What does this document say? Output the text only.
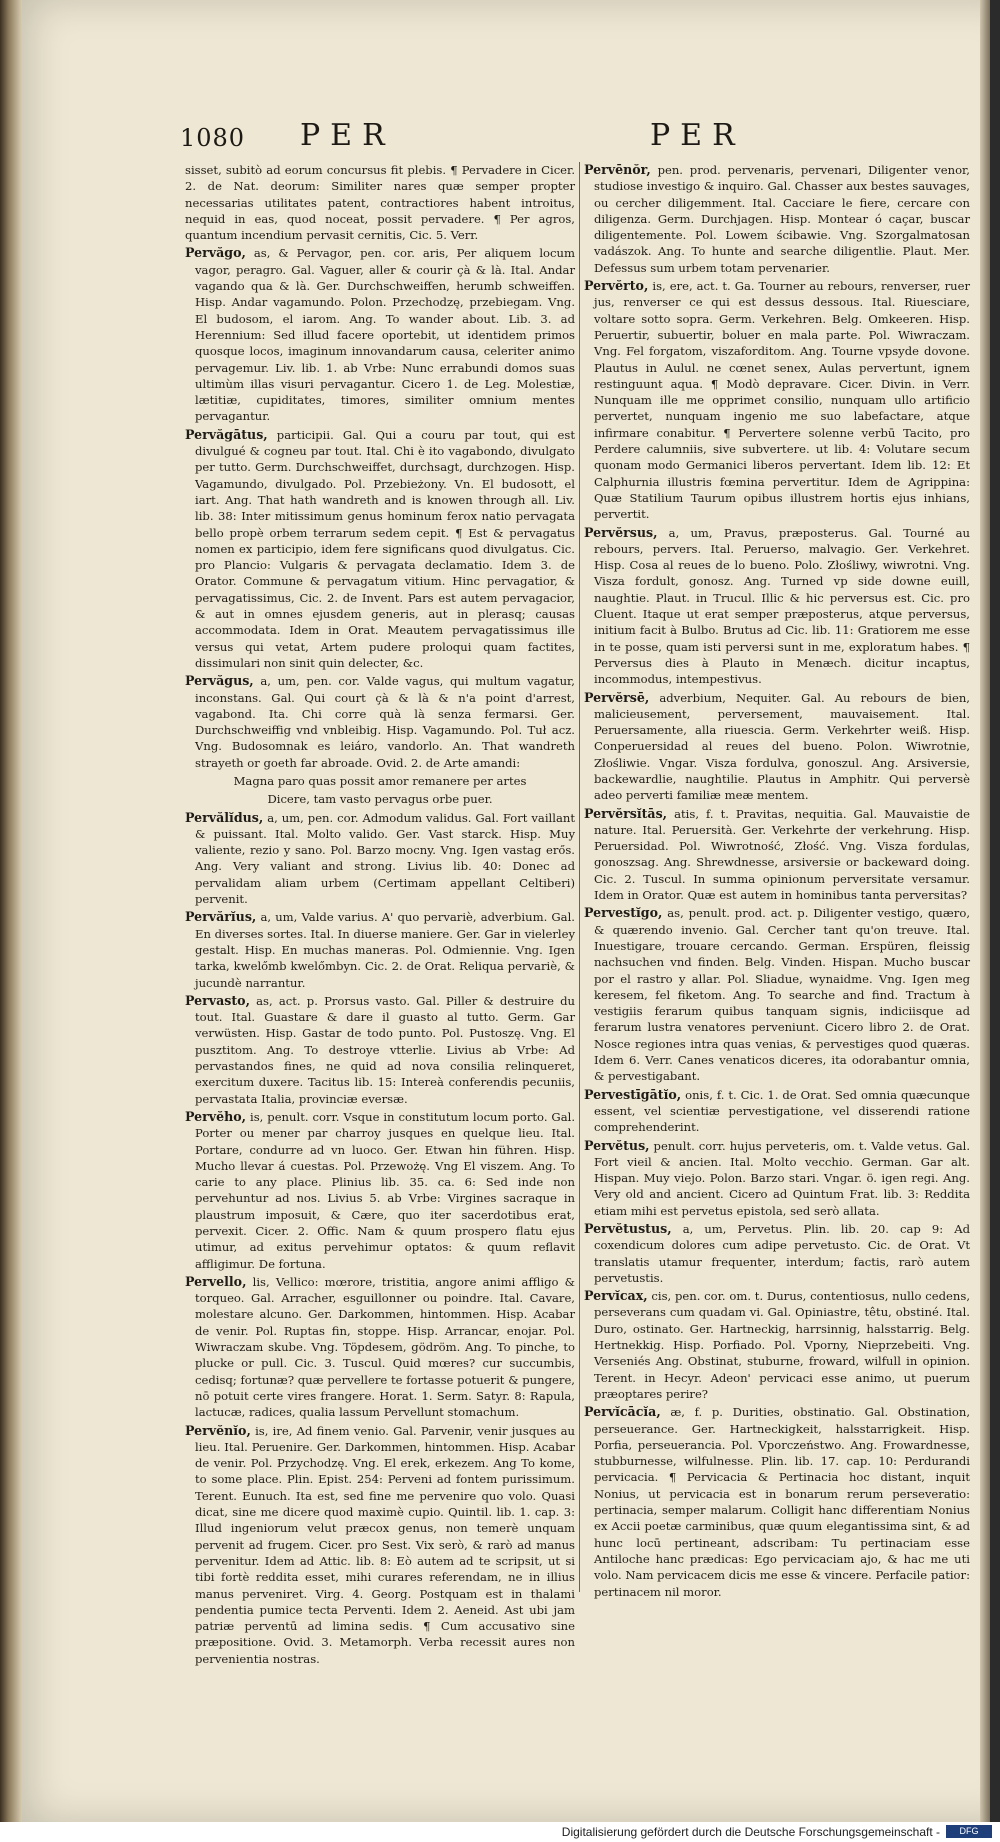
1080 PER	PER

sisset, subitò ad eorum concursus fit plebis. ¶ Pervadere in Cicer. 2. de Nat. deorum: Similiter nares quæ semper propter necessarias utilitates patent, contractiores habent introitus, nequid in eas, quod noceat, possit pervadere. ¶ Per agros, quantum incendium pervasit cernitis, Cic. 5. Verr.

Pervăgo, as, & Pervagor, pen. cor. aris, Per aliquem locum vagor, peragro. Gal. Vaguer, aller & courir çà & là. Ital. Andar vagando qua & là. Ger. Durchschweiffen, herumb schweiffen. Hisp. Andar vagamundo. Polon. Przechodzę, przebiegam. Vng. El budosom, el iarom. Ang. To wander about. Lib. 3. ad Herennium: Sed illud facere oportebit, ut identidem primos quosque locos, imaginum innovandarum causa, celeriter animo pervagemur. Liv. lib. 1. ab Vrbe: Nunc errabundi domos suas ultimùm illas visuri pervagantur. Cicero 1. de Leg. Molestiæ, lætitiæ, cupiditates, timores, similiter omnium mentes pervagantur.

Pervăgātus, participii. Gal. Qui a couru par tout, qui est divulgué & cogneu par tout. Ital. Chi è ito vagabondo, divulgato per tutto. Germ. Durchschweiffet, durchsagt, durchzogen. Hisp. Vagamundo, divulgado. Pol. Przebieżony. Vn. El budosott, el iart. Ang. That hath wandreth and is knowen through all. Liv. lib. 38: Inter mitissimum genus hominum ferox natio pervagata bello propè orbem terrarum sedem cepit. ¶ Est & pervagatus nomen ex participio, idem fere significans quod divulgatus. Cic. pro Plancio: Vulgaris & pervagata declamatio. Idem 3. de Orator. Commune & pervagatum vitium. Hinc pervagatior, & pervagatissimus, Cic. 2. de Invent. Pars est autem pervagacior, & aut in omnes ejusdem generis, aut in plerasq; causas accommodata. Idem in Orat. Meautem pervagatissimus ille versus qui vetat, Artem pudere proloqui quam factites, dissimulari non sinit quin delecter, &c.

Pervăgus, a, um, pen. cor. Valde vagus, qui multum vagatur, inconstans. Gal. Qui court çà & là & n'a point d'arrest, vagabond. Ita. Chi corre quà là senza fermarsi. Ger. Durchschweiffig vnd vnbleibig. Hisp. Vagamundo. Pol. Tuł acz. Vng. Budosomnak es leiáro, vandorlo. An. That wandreth strayeth or goeth far abroade. Ovid. 2. de Arte amandi:

Magna paro quas possit amor remanere per artes

Dicere, tam vasto pervagus orbe puer.

Pervălĭdus, a, um, pen. cor. Admodum validus. Gal. Fort vaillant & puissant. Ital. Molto valido. Ger. Vast starck. Hisp. Muy valiente, rezio y sano. Pol. Barzo mocny. Vng. Igen vastag erős. Ang. Very valiant and strong. Livius lib. 40: Donec ad pervalidam aliam urbem (Certimam appellant Celtiberi) pervenit.

Pervărĭus, a, um, Valde varius. A' quo pervariè, adverbium. Gal. En diverses sortes. Ital. In diuerse maniere. Ger. Gar in vielerley gestalt. Hisp. En muchas maneras. Pol. Odmiennie. Vng. Igen tarka, kwelőmb kwelőmbyn. Cic. 2. de Orat. Reliqua pervariè, & jucundè narrantur.

Pervasto, as, act. p. Prorsus vasto. Gal. Piller & destruire du tout. Ital. Guastare & dare il guasto al tutto. Germ. Gar verwüsten. Hisp. Gastar de todo punto. Pol. Pustoszę. Vng. El pusztitom. Ang. To destroye vtterlie. Livius ab Vrbe: Ad pervastandos fines, ne quid ad nova consilia relinqueret, exercitum duxere. Tacitus lib. 15: Intereà conferendis pecuniis, pervastata Italia, provinciæ eversæ.

Pervĕho, is, penult. corr. Vsque in constitutum locum porto. Gal. Porter ou mener par charroy jusques en quelque lieu. Ital. Portare, condurre ad vn luoco. Ger. Etwan hin führen. Hisp. Mucho llevar á cuestas. Pol. Przewożę. Vng El viszem. Ang. To carie to any place. Plinius lib. 35. ca. 6: Sed inde non pervehuntur ad nos. Livius 5. ab Vrbe: Virgines sacraque in plaustrum imposuit, & Cære, quo iter sacerdotibus erat, pervexit. Cicer. 2. Offic. Nam & quum prospero flatu ejus utimur, ad exitus pervehimur optatos: & quum reflavit affligimur. De fortuna.

Pervello, lis, Vellico: mœrore, tristitia, angore animi affligo & torqueo. Gal. Arracher, esguillonner ou poindre. Ital. Cavare, molestare alcuno. Ger. Darkommen, hintommen. Hisp. Acabar de venir. Pol. Ruptas fin, stoppe. Hisp. Arrancar, enojar. Pol. Wiwraczam skube. Vng. Töpdesem, gödröm. Ang. To pinche, to plucke or pull. Cic. 3. Tuscul. Quid mœres? cur succumbis, cedisq; fortunæ? quæ pervellere te fortasse potuerit & pungere, nō potuit certe vires frangere. Horat. 1. Serm. Satyr. 8: Rapula, lactucæ, radices, qualia lassum Pervellunt stomachum.

Pervĕnĭo, is, ire, Ad finem venio. Gal. Parvenir, venir jusques au lieu. Ital. Peruenire. Ger. Darkommen, hintommen. Hisp. Acabar de venir. Pol. Przychodzę. Vng. El erek, erkezem. Ang To kome, to some place. Plin. Epist. 254: Perveni ad fontem purissimum. Terent. Eunuch. Ita est, sed fine me pervenire quo volo. Quasi dicat, sine me dicere quod maximè cupio. Quintil. lib. 1. cap. 3: Illud ingeniorum velut præcox genus, non temerè unquam pervenit ad frugem. Cicer. pro Sest. Vix serò, & rarò ad manus pervenitur. Idem ad Attic. lib. 8: Eò autem ad te scripsit, ut si tibi fortè reddita esset, mihi curares referendam, ne in illius manus perveniret. Virg. 4. Georg. Postquam est in thalami pendentia pumice tecta Perventi. Idem 2. Aeneid. Ast ubi jam patriæ perventū ad limina sedis. ¶ Cum accusativo sine præpositione. Ovid. 3. Metamorph. Verba recessit aures non pervenientia nostras.

Pervēnŏr, pen. prod. pervenaris, pervenari, Diligenter venor, studiose investigo & inquiro. Gal. Chasser aux bestes sauvages, ou cercher diligemment. Ital. Cacciare le fiere, cercare con diligenza. Germ. Durchjagen. Hisp. Montear ó caçar, buscar diligentemente. Pol. Lowem ścibawie. Vng. Szorgalmatosan vadászok. Ang. To hunte and searche diligentlie. Plaut. Mer. Defessus sum urbem totam pervenarier.

Pervĕrto, is, ere, act. t. Ga. Tourner au rebours, renverser, ruer jus, renverser ce qui est dessus dessous. Ital. Riuesciare, voltare sotto sopra. Germ. Verkehren. Belg. Omkeeren. Hisp. Peruertir, subuertir, boluer en mala parte. Pol. Wiwraczam. Vng. Fel forgatom, viszaforditom. Ang. Tourne vpsyde dovone. Plautus in Aulul. ne cœnet senex, Aulas pervertunt, ignem restinguunt aqua. ¶ Modò depravare. Cicer. Divin. in Verr. Nunquam ille me opprimet consilio, nunquam ullo artificio pervertet, nunquam ingenio me suo labefactare, atque infirmare conabitur. ¶ Pervertere solenne verbū Tacito, pro Perdere calumniis, sive subvertere. ut lib. 4: Volutare secum quonam modo Germanici liberos pervertant. Idem lib. 12: Et Calphurnia illustris fœmina pervertitur. Idem de Agrippina: Quæ Statilium Taurum opibus illustrem hortis ejus inhians, pervertit.

Pervĕrsus, a, um, Pravus, præposterus. Gal. Tourné au rebours, pervers. Ital. Peruerso, malvagio. Ger. Verkehret. Hisp. Cosa al reues de lo bueno. Polo. Złośliwy, wiwrotni. Vng. Visza fordult, gonosz. Ang. Turned vp side downe euill, naughtie. Plaut. in Trucul. Illic & hic perversus est. Cic. pro Cluent. Itaque ut erat semper præposterus, atque perversus, initium facit à Bulbo. Brutus ad Cic. lib. 11: Gratiorem me esse in te posse, quam isti perversi sunt in me, exploratum habes. ¶ Perversus dies à Plauto in Menæch. dicitur incaptus, incommodus, intempestivus.

Pervĕrsē, adverbium, Nequiter. Gal. Au rebours de bien, malicieusement, perversement, mauvaisement. Ital. Peruersamente, alla riuescia. Germ. Verkehrter weiß. Hisp. Conperuersidad al reues del bueno. Polon. Wiwrotnie, Złośliwie. Vngar. Visza fordulva, gonoszul. Ang. Arsiversie, backewardlie, naughtilie. Plautus in Amphitr. Qui perversè adeo perverti familiæ meæ mentem.

Pervĕrsĭtās, atis, f. t. Pravitas, nequitia. Gal. Mauvaistie de nature. Ital. Peruersità. Ger. Verkehrte der verkehrung. Hisp. Peruersidad. Pol. Wiwrotność, Złość. Vng. Visza fordulas, gonoszsag. Ang. Shrewdnesse, arsiversie or backeward doing. Cic. 2. Tuscul. In summa opinionum perversitate versamur. Idem in Orator. Quæ est autem in hominibus tanta perversitas?

Pervestĭgo, as, penult. prod. act. p. Diligenter vestigo, quæro, & quærendo invenio. Gal. Cercher tant qu'on treuve. Ital. Inuestigare, trouare cercando. German. Erspüren, fleissig nachsuchen vnd finden. Belg. Vinden. Hispan. Mucho buscar por el rastro y allar. Pol. Sliadue, wynaidme. Vng. Igen meg keresem, fel fiketom. Ang. To searche and find. Tractum à vestigiis ferarum quibus tanquam signis, indiciisque ad ferarum lustra venatores perveniunt. Cicero libro 2. de Orat. Nosce regiones intra quas venias, & pervestiges quod quæras. Idem 6. Verr. Canes venaticos diceres, ita odorabantur omnia, & pervestigabant.

Pervestīgātĭo, onis, f. t. Cic. 1. de Orat. Sed omnia quæcunque essent, vel scientiæ pervestigatione, vel disserendi ratione comprehenderint.

Pervĕtus, penult. corr. hujus perveteris, om. t. Valde vetus. Gal. Fort vieil & ancien. Ital. Molto vecchio. German. Gar alt. Hispan. Muy viejo. Polon. Barzo stari. Vngar. ö. igen regi. Ang. Very old and ancient. Cicero ad Quintum Frat. lib. 3: Reddita etiam mihi est pervetus epistola, sed serò allata.

Pervĕtustus, a, um, Pervetus. Plin. lib. 20. cap 9: Ad coxendicum dolores cum adipe pervetusto. Cic. de Orat. Vt translatis utamur frequenter, interdum; factis, rarò autem pervetustis.

Pervĭcax, cis, pen. cor. om. t. Durus, contentiosus, nullo cedens, perseverans cum quadam vi. Gal. Opiniastre, têtu, obstiné. Ital. Duro, ostinato. Ger. Hartneckig, harrsinnig, halsstarrig. Belg. Hertnekkig. Hisp. Porfiado. Pol. Vporny, Nieprzebeiti. Vng. Verseniés Ang. Obstinat, stuburne, froward, wilfull in opinion. Terent. in Hecyr. Adeon' pervicaci esse animo, ut puerum præoptares perire?

Pervĭcācĭa, æ, f. p. Durities, obstinatio. Gal. Obstination, perseuerance. Ger. Hartneckigkeit, halsstarrigkeit. Hisp. Porfia, perseuerancia. Pol. Vporczeństwo. Ang. Frowardnesse, stubburnesse, wilfulnesse. Plin. lib. 17. cap. 10: Perdurandi pervicacia. ¶ Pervicacia & Pertinacia hoc distant, inquit Nonius, ut pervicacia est in bonarum rerum perseveratio: pertinacia, semper malarum. Colligit hanc differentiam Nonius ex Accii poetæ carminibus, quæ quum elegantissima sint, & ad hunc locū pertineant, adscribam: Tu pertinaciam esse Antiloche hanc prædicas: Ego pervicaciam ajo, & hac me uti volo. Nam pervicacem dicis me esse & vincere. Perfacile patior: pertinacem nil moror.

Digitalisierung gefördert durch die Deutsche Forschungsgemeinschaft -	DFG
